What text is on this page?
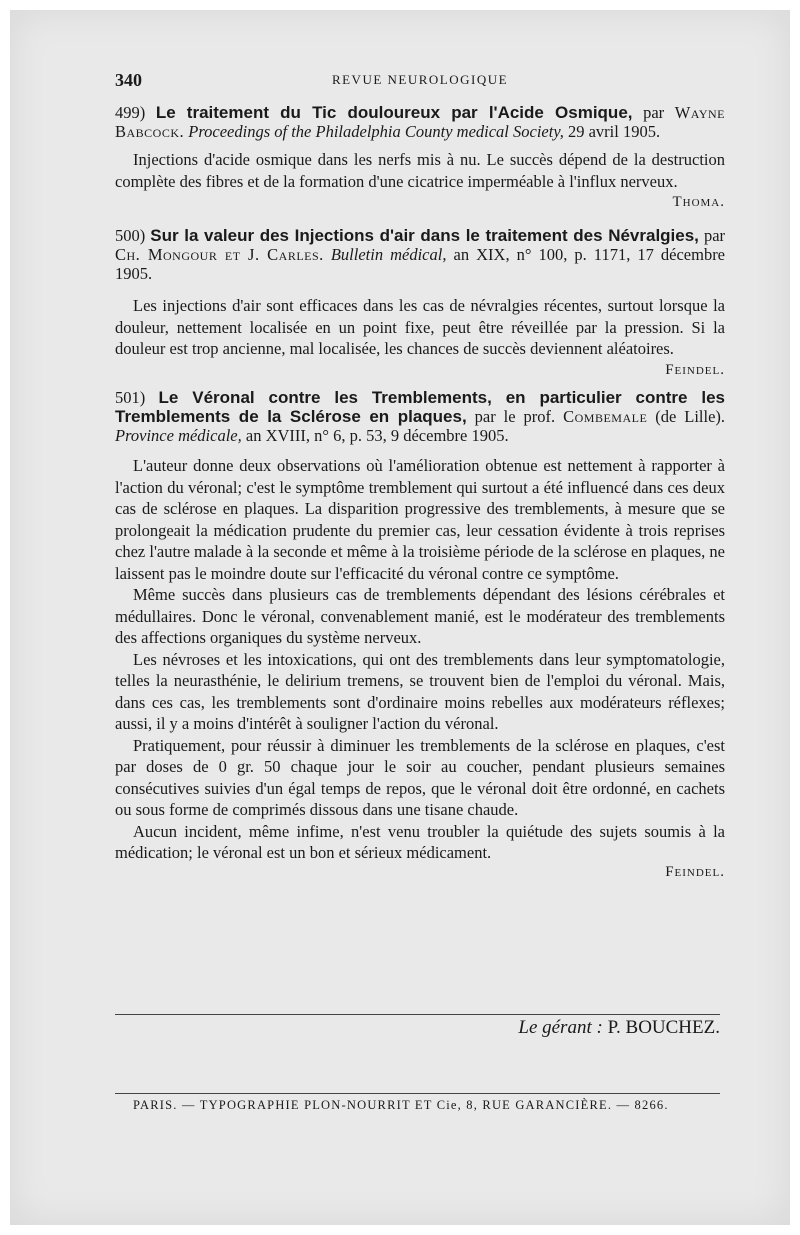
340	REVUE NEUROLOGIQUE
499) Le traitement du Tic douloureux par l'Acide Osmique, par Wayne Babcock. Proceedings of the Philadelphia County medical Society, 29 avril 1905.

Injections d'acide osmique dans les nerfs mis à nu. Le succès dépend de la destruction complète des fibres et de la formation d'une cicatrice imperméable à l'influx nerveux.
Thoma.

500) Sur la valeur des Injections d'air dans le traitement des Névralgies, par Ch. Mongour et J. Carles. Bulletin médical, an XIX, n° 100, p. 1171, 17 décembre 1905.

Les injections d'air sont efficaces dans les cas de névralgies récentes, surtout lorsque la douleur, nettement localisée en un point fixe, peut être réveillée par la pression. Si la douleur est trop ancienne, mal localisée, les chances de succès deviennent aléatoires.
Feindel.

501) Le Véronal contre les Tremblements, en particulier contre les Tremblements de la Sclérose en plaques, par le prof. Combemale (de Lille). Province médicale, an XVIII, n° 6, p. 53, 9 décembre 1905.

L'auteur donne deux observations où l'amélioration obtenue est nettement à rapporter à l'action du véronal; c'est le symptôme tremblement qui surtout a été influencé dans ces deux cas de sclérose en plaques. La disparition progressive des tremblements, à mesure que se prolongeait la médication prudente du premier cas, leur cessation évidente à trois reprises chez l'autre malade à la seconde et même à la troisième période de la sclérose en plaques, ne laissent pas le moindre doute sur l'efficacité du véronal contre ce symptôme.

Même succès dans plusieurs cas de tremblements dépendant des lésions cérébrales et médullaires. Donc le véronal, convenablement manié, est le modérateur des tremblements des affections organiques du système nerveux.

Les névroses et les intoxications, qui ont des tremblements dans leur symptomatologie, telles la neurasthénie, le delirium tremens, se trouvent bien de l'emploi du véronal. Mais, dans ces cas, les tremblements sont d'ordinaire moins rebelles aux modérateurs réflexes; aussi, il y a moins d'intérêt à souligner l'action du véronal.

Pratiquement, pour réussir à diminuer les tremblements de la sclérose en plaques, c'est par doses de 0 gr. 50 chaque jour le soir au coucher, pendant plusieurs semaines consécutives suivies d'un égal temps de repos, que le véronal doit être ordonné, en cachets ou sous forme de comprimés dissous dans une tisane chaude.

Aucun incident, même infime, n'est venu troubler la quiétude des sujets soumis à la médication; le véronal est un bon et sérieux médicament.

Feindel.
Le gérant : P. BOUCHEZ.
PARIS. — TYPOGRAPHIE PLON-NOURRIT ET Cie, 8, RUE GARANCIÈRE. — 8266.
